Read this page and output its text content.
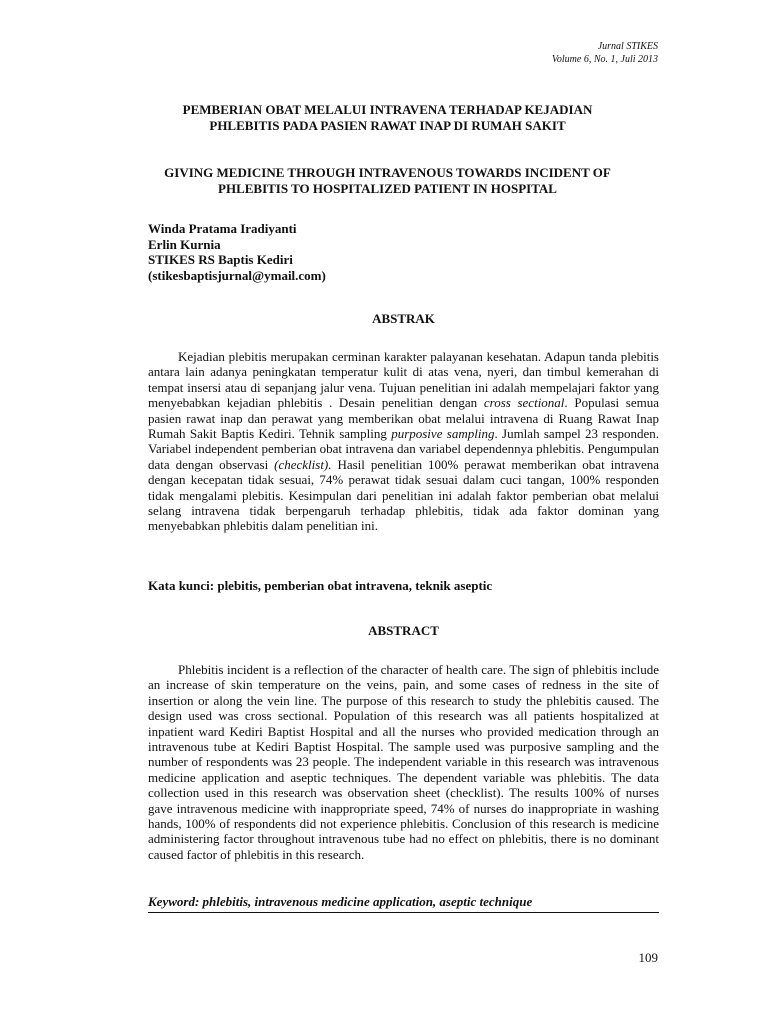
Jurnal STIKES
Volume 6, No. 1, Juli 2013
PEMBERIAN OBAT MELALUI INTRAVENA TERHADAP KEJADIAN
PHLEBITIS PADA PASIEN RAWAT INAP DI RUMAH SAKIT
GIVING MEDICINE THROUGH INTRAVENOUS TOWARDS INCIDENT OF
PHLEBITIS TO HOSPITALIZED PATIENT IN HOSPITAL
Winda Pratama Iradiyanti
Erlin Kurnia
STIKES RS Baptis Kediri
(stikesbaptisjurnal@ymail.com)
ABSTRAK

Kejadian plebitis merupakan cerminan karakter palayanan kesehatan. Adapun tanda plebitis antara lain adanya peningkatan temperatur kulit di atas vena, nyeri, dan timbul kemerahan di tempat insersi atau di sepanjang jalur vena. Tujuan penelitian ini adalah mempelajari faktor yang menyebabkan kejadian phlebitis . Desain penelitian dengan cross sectional. Populasi semua pasien rawat inap dan perawat yang memberikan obat melalui intravena di Ruang Rawat Inap Rumah Sakit Baptis Kediri. Tehnik sampling purposive sampling. Jumlah sampel 23 responden. Variabel independent pemberian obat intravena dan variabel dependennya phlebitis. Pengumpulan data dengan observasi (checklist). Hasil penelitian 100% perawat memberikan obat intravena dengan kecepatan tidak sesuai, 74% perawat tidak sesuai dalam cuci tangan, 100% responden tidak mengalami plebitis. Kesimpulan dari penelitian ini adalah faktor pemberian obat melalui selang intravena tidak berpengaruh terhadap phlebitis, tidak ada faktor dominan yang menyebabkan phlebitis dalam penelitian ini.

Kata kunci: plebitis, pemberian obat intravena, teknik aseptic
ABSTRACT

Phlebitis incident is a reflection of the character of health care. The sign of phlebitis include an increase of skin temperature on the veins, pain, and some cases of redness in the site of insertion or along the vein line. The purpose of this research to study the phlebitis caused. The design used was cross sectional. Population of this research was all patients hospitalized at inpatient ward Kediri Baptist Hospital and all the nurses who provided medication through an intravenous tube at Kediri Baptist Hospital. The sample used was purposive sampling and the number of respondents was 23 people. The independent variable in this research was intravenous medicine application and aseptic techniques. The dependent variable was phlebitis. The data collection used in this research was observation sheet (checklist). The results 100% of nurses gave intravenous medicine with inappropriate speed, 74% of nurses do inappropriate in washing hands, 100% of respondents did not experience phlebitis. Conclusion of this research is medicine administering factor throughout intravenous tube had no effect on phlebitis, there is no dominant caused factor of phlebitis in this research.

Keyword: phlebitis, intravenous medicine application, aseptic technique
109
